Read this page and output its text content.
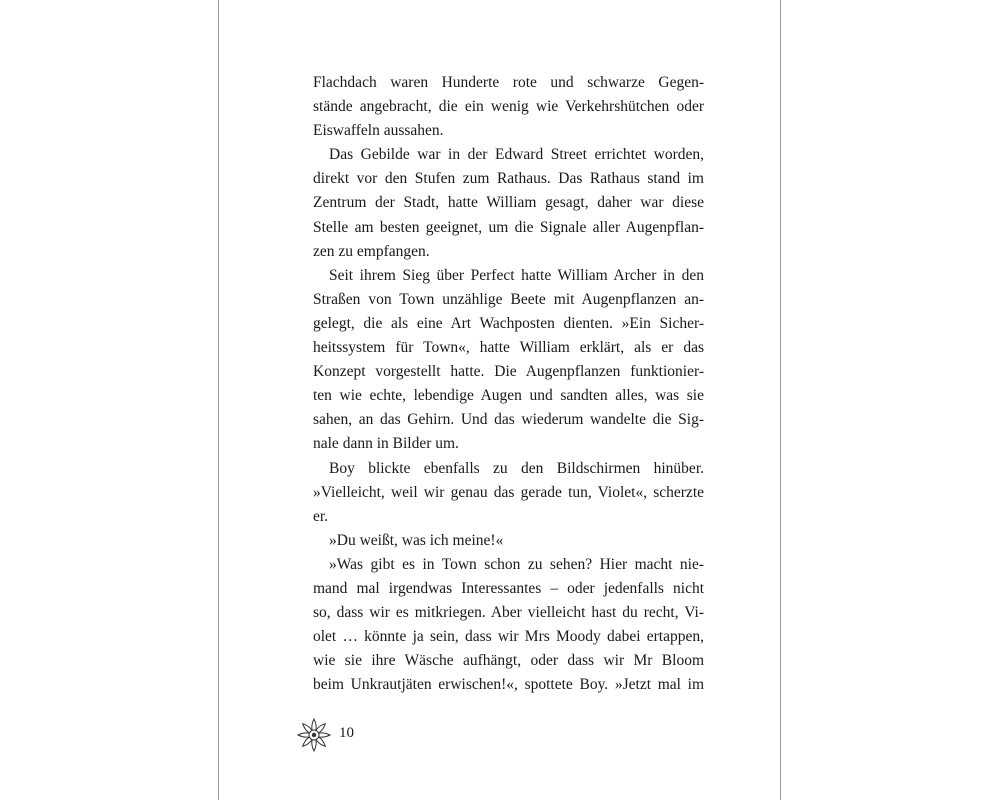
Flachdach waren Hunderte rote und schwarze Gegen-
stände angebracht, die ein wenig wie Verkehrshütchen oder
Eiswaffeln aussahen.
Das Gebilde war in der Edward Street errichtet worden,
direkt vor den Stufen zum Rathaus. Das Rathaus stand im
Zentrum der Stadt, hatte William gesagt, daher war diese
Stelle am besten geeignet, um die Signale aller Augenpflan-
zen zu empfangen.
Seit ihrem Sieg über Perfect hatte William Archer in den
Straßen von Town unzählige Beete mit Augenpflanzen an-
gelegt, die als eine Art Wachposten dienten. »Ein Sicher-
heitssystem für Town«, hatte William erklärt, als er das
Konzept vorgestellt hatte. Die Augenpflanzen funktionier-
ten wie echte, lebendige Augen und sandten alles, was sie
sahen, an das Gehirn. Und das wiederum wandelte die Sig-
nale dann in Bilder um.
Boy blickte ebenfalls zu den Bildschirmen hinüber.
»Vielleicht, weil wir genau das gerade tun, Violet«, scherzte
er.
»Du weißt, was ich meine!«
»Was gibt es in Town schon zu sehen? Hier macht nie-
mand mal irgendwas Interessantes – oder jedenfalls nicht
so, dass wir es mitkriegen. Aber vielleicht hast du recht, Vi-
olet … könnte ja sein, dass wir Mrs Moody dabei ertappen,
wie sie ihre Wäsche aufhängt, oder dass wir Mr Bloom
beim Unkrautjäten erwischen!«, spottete Boy. »Jetzt mal im
10
